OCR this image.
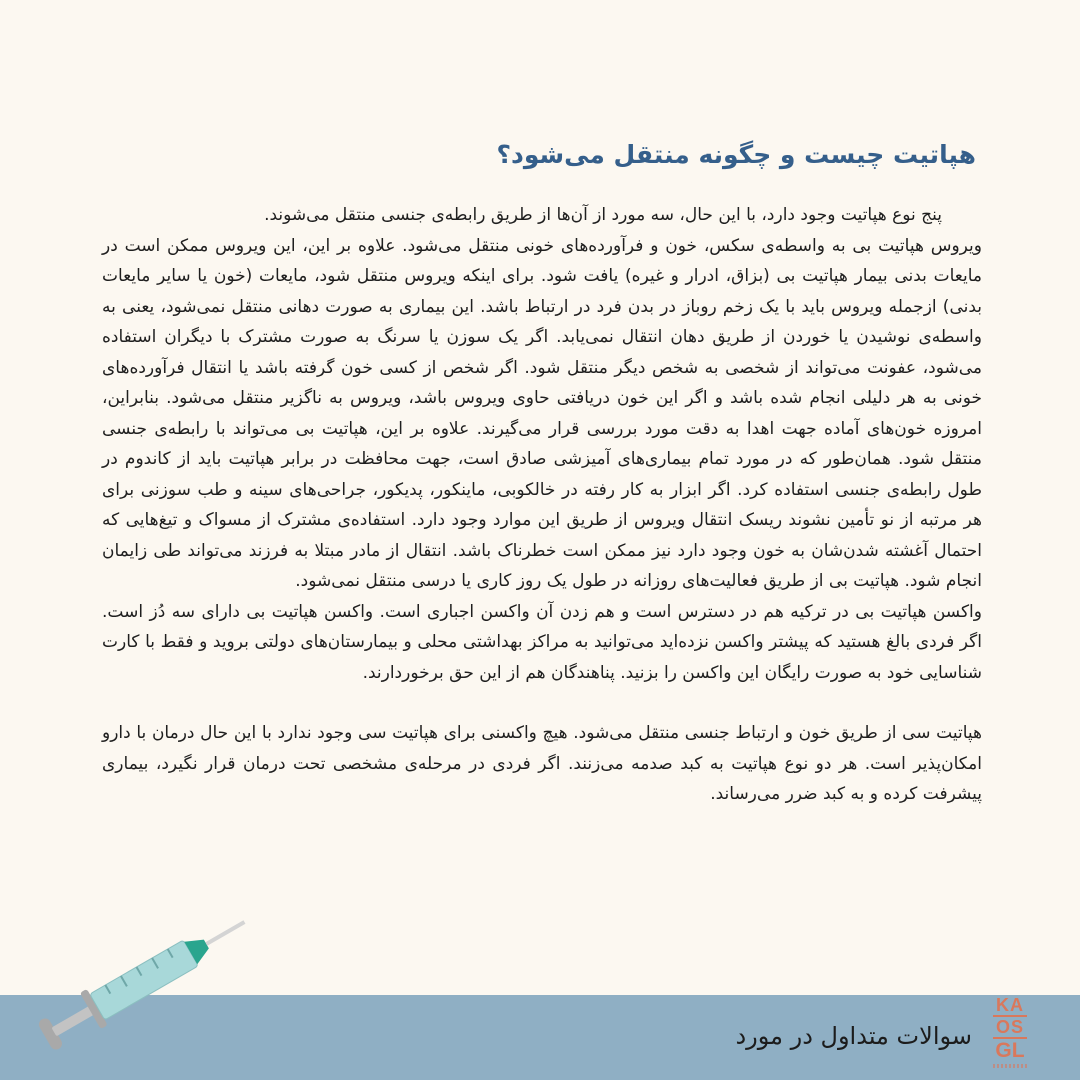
هپاتیت چیست و چگونه منتقل می‌شود؟

پنج نوع هپاتیت وجود دارد، با این حال، سه مورد از آن‌ها از طریق رابطه‌ی جنسی منتقل می‌شوند.

ویروس هپاتیت بی به واسطه‌ی سکس، خون و فرآورده‌های خونی منتقل می‌شود. علاوه بر این، این ویروس ممکن است در مایعات بدنی بیمار هپاتیت بی (بزاق، ادرار و غیره) یافت شود. برای اینکه ویروس منتقل شود، مایعات (خون یا سایر مایعات بدنی) ازجمله ویروس باید با یک زخم روباز در بدن فرد در ارتباط باشد. این بیماری به صورت دهانی منتقل نمی‌شود، یعنی به واسطه‌ی نوشیدن یا خوردن از طریق دهان انتقال نمی‌یابد. اگر یک سوزن یا سرنگ به صورت مشترک با دیگران استفاده می‌شود، عفونت می‌تواند از شخصی به شخص دیگر منتقل شود. اگر شخص از کسی خون گرفته باشد یا انتقال فرآورده‌های خونی به هر دلیلی انجام شده باشد و اگر این خون دریافتی حاوی ویروس باشد، ویروس به ناگزیر منتقل می‌شود. بنابراین، امروزه خون‌های آماده جهت اهدا به دقت مورد بررسی قرار می‌گیرند. علاوه بر این، هپاتیت بی می‌تواند با رابطه‌ی جنسی منتقل شود. همان‌طور که در مورد تمام بیماری‌های آمیزشی صادق است، جهت محافظت در برابر هپاتیت باید از کاندوم در طول رابطه‌ی جنسی استفاده کرد. اگر ابزار به کار رفته در خالکوبی، ماینکور، پدیکور، جراحی‌های سینه و طب سوزنی برای هر مرتبه از نو تأمین نشوند ریسک انتقال ویروس از طریق این موارد وجود دارد. استفاده‌ی مشترک از مسواک و تیغ‌هایی که احتمال آغشته شدن‌شان به خون وجود دارد نیز ممکن است خطرناک باشد. انتقال از مادر مبتلا به فرزند می‌تواند طی زایمان انجام شود. هپاتیت بی از طریق فعالیت‌های روزانه در طول یک روز کاری یا درسی منتقل نمی‌شود.

واکسن هپاتیت بی در ترکیه هم در دسترس است و هم زدن آن واکسن اجباری است. واکسن هپاتیت بی دارای سه دُز است. اگر فردی بالغ هستید که پیشتر واکسن نزده‌اید می‌توانید به مراکز بهداشتی محلی و بیمارستان‌های دولتی بروید و فقط با کارت شناسایی خود به صورت رایگان این واکسن را بزنید. پناهندگان هم از این حق برخوردارند.

هپاتیت سی از طریق خون و ارتباط جنسی منتقل می‌شود. هیچ واکسنی برای هپاتیت سی وجود ندارد با این حال درمان با دارو امکان‌پذیر است. هر دو نوع هپاتیت به کبد صدمه می‌زنند. اگر فردی در مرحله‌ی مشخصی تحت درمان قرار نگیرد، بیماری پیشرفت کرده و به کبد ضرر می‌رساند.

سوالات متداول در مورد
KA
OS
GL
